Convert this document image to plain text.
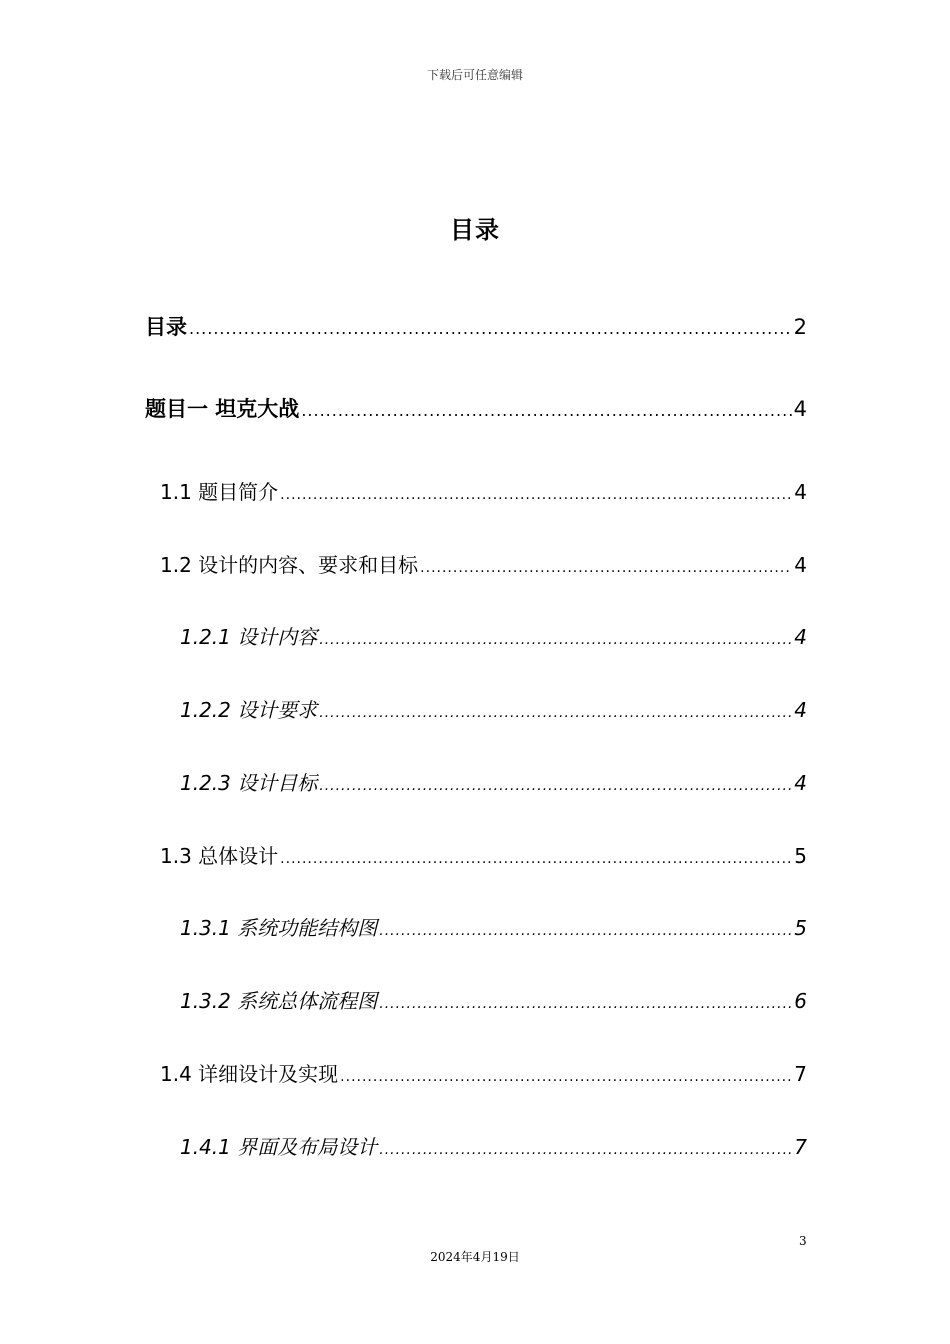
下载后可任意编辑
目录
目录 .....	2
题目一 坦克大战 .....	4
1.1 题目简介 .....	4
1.2 设计的内容、要求和目标 .....	4
1.2.1 设计内容 .....	4
1.2.2 设计要求 .....	4
1.2.3 设计目标 .....	4
1.3 总体设计 .....	5
1.3.1 系统功能结构图 .....	5
1.3.2 系统总体流程图 .....	6
1.4 详细设计及实现 .....	7
1.4.1 界面及布局设计 .....	7
3
2024年4月19日
